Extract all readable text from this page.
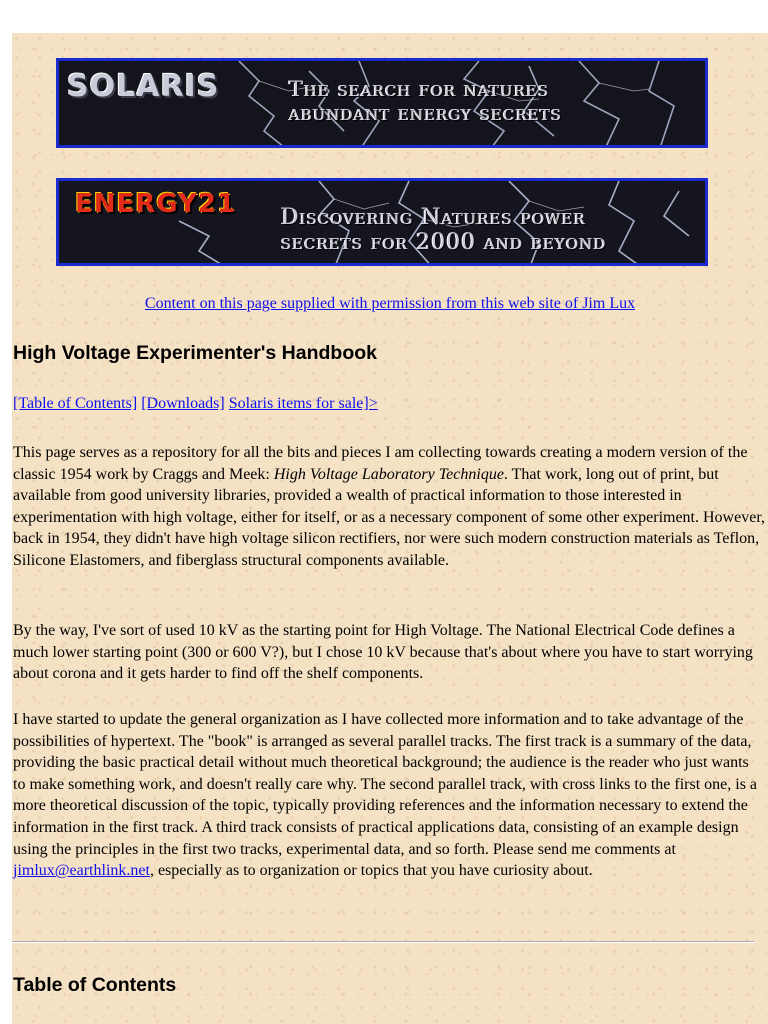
SOLARIS	The search for natures
abundant energy secrets
ENERGY21 Discovering Natures power
secrets for 2000 and beyond
Content on this page supplied with permission from this web site of Jim Lux
High Voltage Experimenter's Handbook
[Table of Contents] [Downloads] Solaris items for sale]>

This page serves as a repository for all the bits and pieces I am collecting towards creating a modern version of the classic 1954 work by Craggs and Meek: High Voltage Laboratory Technique. That work, long out of print, but available from good university libraries, provided a wealth of practical information to those interested in experimentation with high voltage, either for itself, or as a necessary component of some other experiment. However, back in 1954, they didn't have high voltage silicon rectifiers, nor were such modern construction materials as Teflon, Silicone Elastomers, and fiberglass structural components available.

By the way, I've sort of used 10 kV as the starting point for High Voltage. The National Electrical Code defines a much lower starting point (300 or 600 V?), but I chose 10 kV because that's about where you have to start worrying about corona and it gets harder to find off the shelf components.

I have started to update the general organization as I have collected more information and to take advantage of the possibilities of hypertext. The "book" is arranged as several parallel tracks. The first track is a summary of the data, providing the basic practical detail without much theoretical background; the audience is the reader who just wants to make something work, and doesn't really care why. The second parallel track, with cross links to the first one, is a more theoretical discussion of the topic, typically providing references and the information necessary to extend the information in the first track. A third track consists of practical applications data, consisting of an example design using the principles in the first two tracks, experimental data, and so forth. Please send me comments at jimlux@earthlink.net, especially as to organization or topics that you have curiosity about.

Table of Contents
